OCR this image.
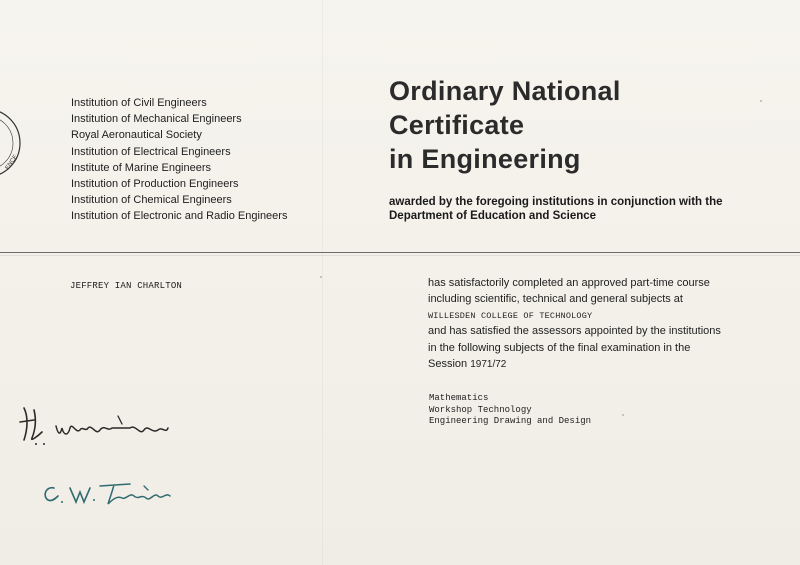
ENCE
Institution of Civil Engineers
Institution of Mechanical Engineers
Royal Aeronautical Society
Institution of Electrical Engineers
Institute of Marine Engineers
Institution of Production Engineers
Institution of Chemical Engineers
Institution of Electronic and Radio Engineers
Ordinary National
Certificate
in Engineering
awarded by the foregoing institutions in conjunction with the
Department of Education and Science
JEFFREY IAN CHARLTON	has satisfactorily completed an approved part-time course
including scientific, technical and general subjects at
WILLESDEN COLLEGE OF TECHNOLOGY
and has satisfied the assessors appointed by the institutions
in the following subjects of the final examination in the
Session 1971/72
Mathematics
Workshop Technology
Engineering Drawing and Design
